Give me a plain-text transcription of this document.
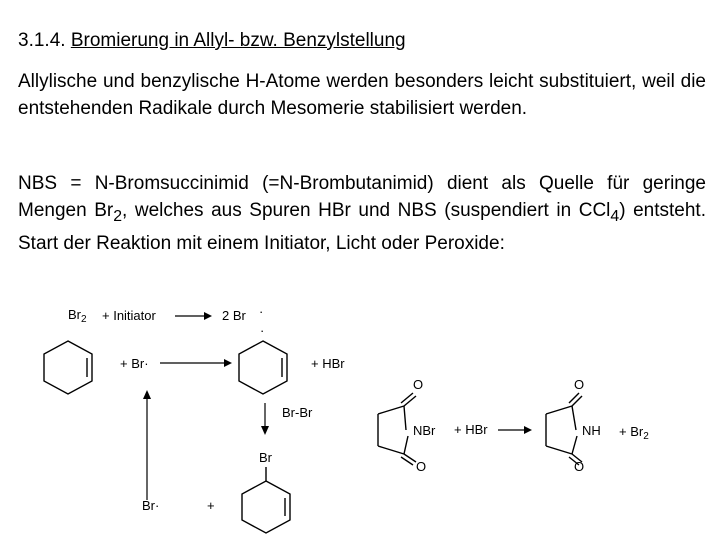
3.1.4. Bromierung in Allyl- bzw. Benzylstellung
Allylische und benzylische H-Atome werden besonders leicht substituiert, weil die entstehenden Radikale durch Mesomerie stabilisiert werden.
NBS = N-Bromsuccinimid (=N-Brombutanimid) dient als Quelle für geringe Mengen $Br_2$, welches aus Spuren HBr und NBS (suspendiert in CCl$_4$) entsteht. Start der Reaktion mit einem Initiator, Licht oder Peroxide:
$Br_2$ + Initiator	2 Br ·
+ Br·
·
+ HBr
Br-Br
Br
Br·	+
O
NBr
O
+ HBr
O
NH
O
+ $Br_2$
